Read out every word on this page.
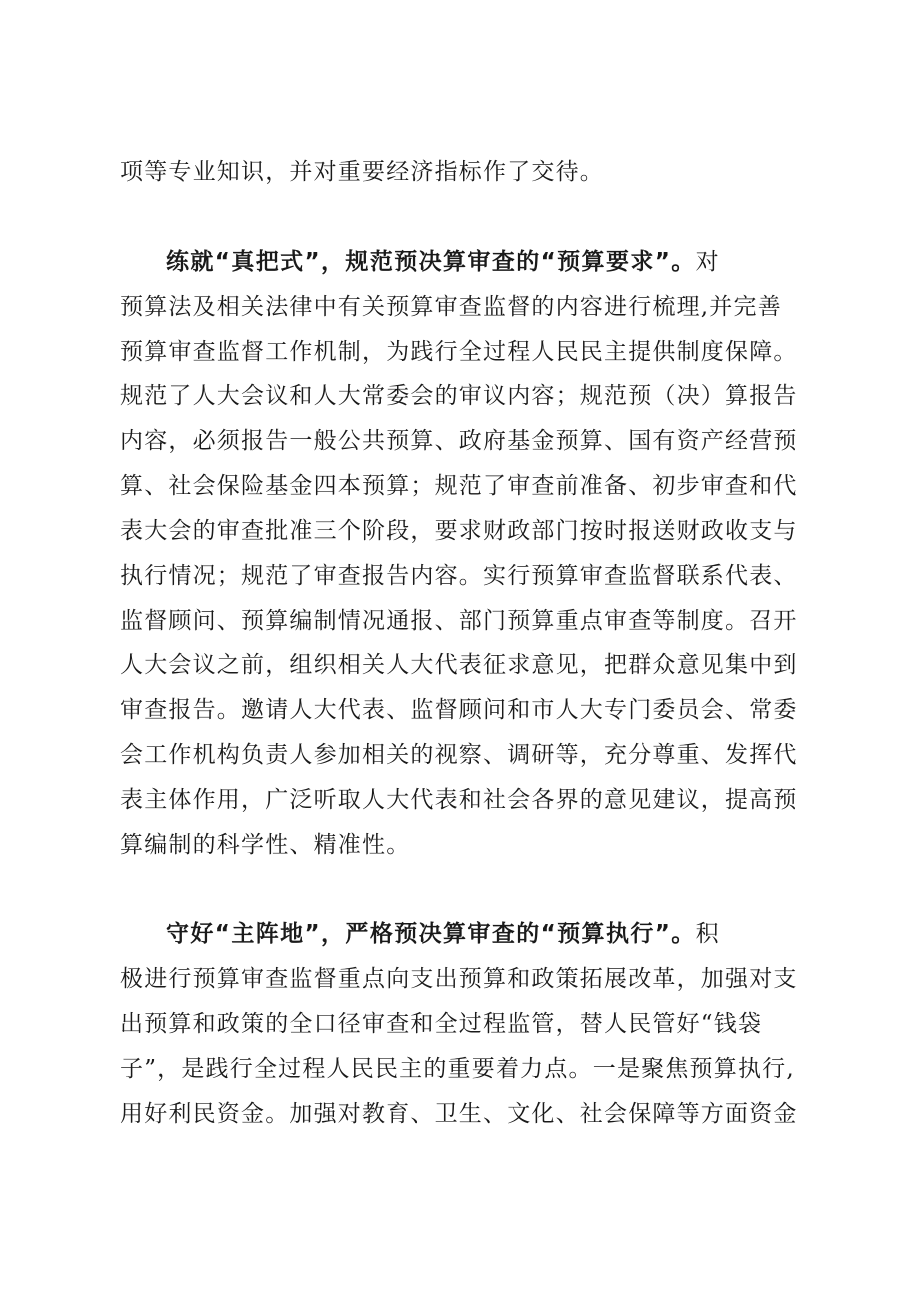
项等专业知识，并对重要经济指标作了交待。
练就“真把式”，规范预决算审查的“预算要求”。对
预算法及相关法律中有关预算审查监督的内容进行梳理,并完善
预算审查监督工作机制，为践行全过程人民民主提供制度保障。
规范了人大会议和人大常委会的审议内容；规范预（决）算报告
内容，必须报告一般公共预算、政府基金预算、国有资产经营预
算、社会保险基金四本预算；规范了审查前准备、初步审查和代
表大会的审查批准三个阶段，要求财政部门按时报送财政收支与
执行情况；规范了审查报告内容。实行预算审查监督联系代表、
监督顾问、预算编制情况通报、部门预算重点审查等制度。召开
人大会议之前，组织相关人大代表征求意见，把群众意见集中到
审查报告。邀请人大代表、监督顾问和市人大专门委员会、常委
会工作机构负责人参加相关的视察、调研等，充分尊重、发挥代
表主体作用，广泛听取人大代表和社会各界的意见建议，提高预
算编制的科学性、精准性。
守好“主阵地”，严格预决算审查的“预算执行”。积
极进行预算审查监督重点向支出预算和政策拓展改革，加强对支
出预算和政策的全口径审查和全过程监管，替人民管好“钱袋
子”，是践行全过程人民民主的重要着力点。一是聚焦预算执行,
用好利民资金。加强对教育、卫生、文化、社会保障等方面资金
